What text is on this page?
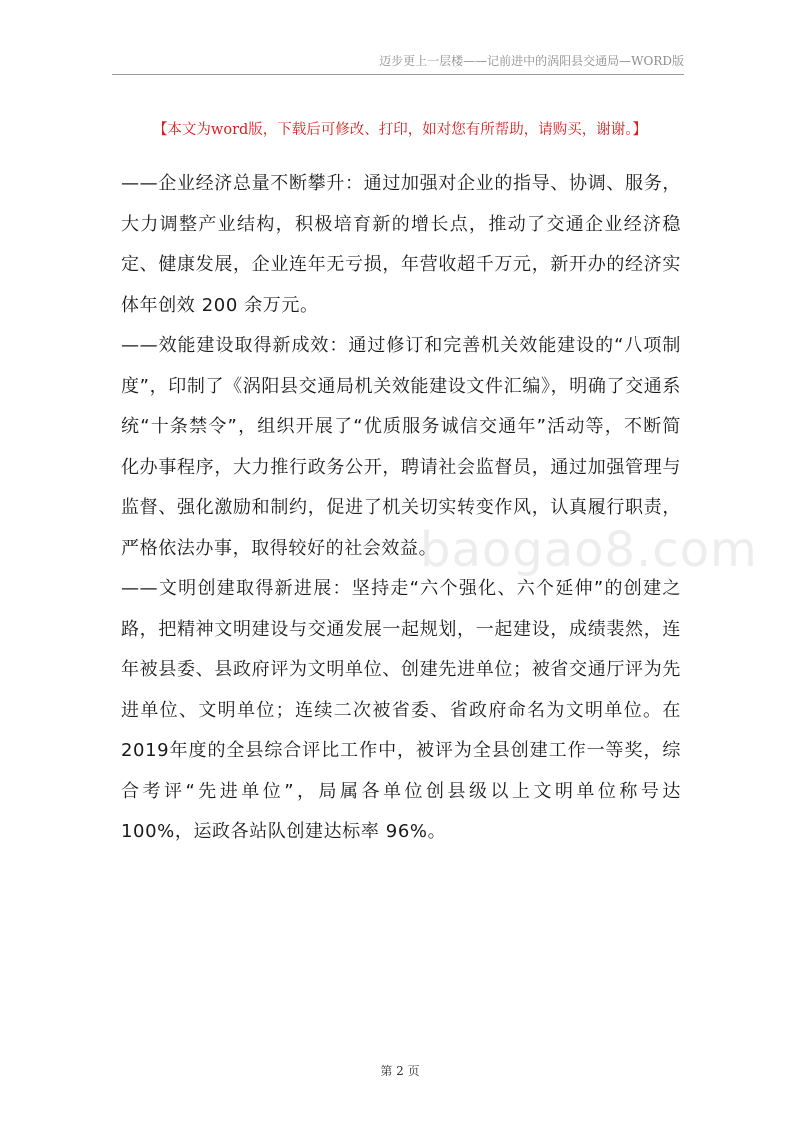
迈步更上一层楼——记前进中的涡阳县交通局—WORD版
【本文为word版，下载后可修改、打印，如对您有所帮助，请购买，谢谢。】

——企业经济总量不断攀升：通过加强对企业的指导、协调、服务，大力调整产业结构，积极培育新的增长点，推动了交通企业经济稳定、健康发展，企业连年无亏损，年营收超千万元，新开办的经济实体年创效 200 余万元。

——效能建设取得新成效：通过修订和完善机关效能建设的“八项制度”，印制了《涡阳县交通局机关效能建设文件汇编》，明确了交通系统“十条禁令”，组织开展了“优质服务诚信交通年”活动等，不断简化办事程序，大力推行政务公开，聘请社会监督员，通过加强管理与监督、强化激励和制约，促进了机关切实转变作风，认真履行职责，严格依法办事，取得较好的社会效益。

——文明创建取得新进展：坚持走“六个强化、六个延伸”的创建之路，把精神文明建设与交通发展一起规划，一起建设，成绩裴然，连年被县委、县政府评为文明单位、创建先进单位；被省交通厅评为先进单位、文明单位；连续二次被省委、省政府命名为文明单位。在 2019年度的全县综合评比工作中，被评为全县创建工作一等奖，综合考评“先进单位”，局属各单位创县级以上文明单位称号达 100%，运政各站队创建达标率 96%。

baogao8.com
第 2 页
